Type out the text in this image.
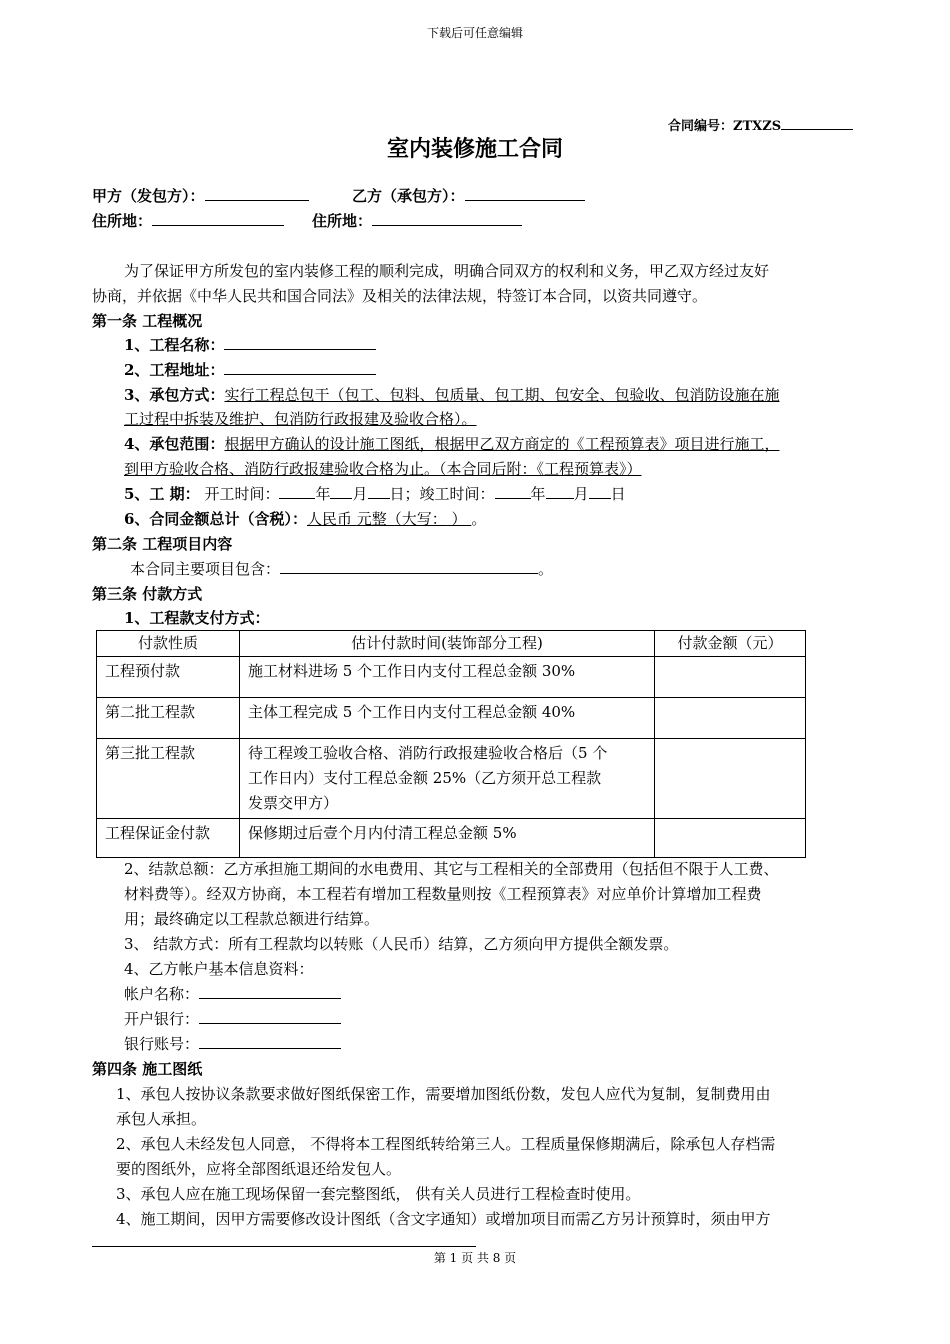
下载后可任意编辑
合同编号：ZTXZS
室内装修施工合同
甲方（发包方）：	乙方（承包方）：
住所地：	住所地：
为了保证甲方所发包的室内装修工程的顺利完成，明确合同双方的权利和义务，甲乙双方经过友好
协商，并依据《中华人民共和国合同法》及相关的法律法规，特签订本合同，以资共同遵守。
第一条 工程概况
1、工程名称：
2、工程地址：
3、承包方式：实行工程总包干（包工、包料、包质量、包工期、包安全、包验收、包消防设施在施
工过程中拆装及维护、包消防行政报建及验收合格）。
4、承包范围：根据甲方确认的设计施工图纸，根据甲乙双方商定的《工程预算表》项目进行施工，
到甲方验收合格、消防行政报建验收合格为止。（本合同后附：《工程预算表》）
5、工 期： 开工时间： 年 月 日；竣工时间： 年 月 日
6、合同金额总计（含税）：人民币 元整（大写： ） 。
第二条 工程项目内容
本合同主要项目包含：	。
第三条 付款方式
1、工程款支付方式：
付款性质	估计付款时间(装饰部分工程)	付款金额（元）
工程预付款	施工材料进场 5 个工作日内支付工程总金额 30%	
第二批工程款	主体工程完成 5 个工作日内支付工程总金额 40%	
第三批工程款	待工程竣工验收合格、消防行政报建验收合格后（5 个
工作日内）支付工程总金额 25%（乙方须开总工程款
发票交甲方）	

工程保证金付款	保修期过后壹个月内付清工程总金额 5%	
2、结款总额：乙方承担施工期间的水电费用、其它与工程相关的全部费用（包括但不限于人工费、
材料费等）。经双方协商，本工程若有增加工程数量则按《工程预算表》对应单价计算增加工程费
用；最终确定以工程款总额进行结算。
3、 结款方式：所有工程款均以转账（人民币）结算，乙方须向甲方提供全额发票。
4、乙方帐户基本信息资料：
帐户名称：
开户银行：
银行账号：
第四条 施工图纸
1、承包人按协议条款要求做好图纸保密工作，需要增加图纸份数，发包人应代为复制，复制费用由
承包人承担。
2、承包人未经发包人同意， 不得将本工程图纸转给第三人。工程质量保修期满后，除承包人存档需
要的图纸外，应将全部图纸退还给发包人。
3、承包人应在施工现场保留一套完整图纸， 供有关人员进行工程检查时使用。
4、施工期间，因甲方需要修改设计图纸（含文字通知）或增加项目而需乙方另计预算时，须由甲方
第 1 页 共 8 页
